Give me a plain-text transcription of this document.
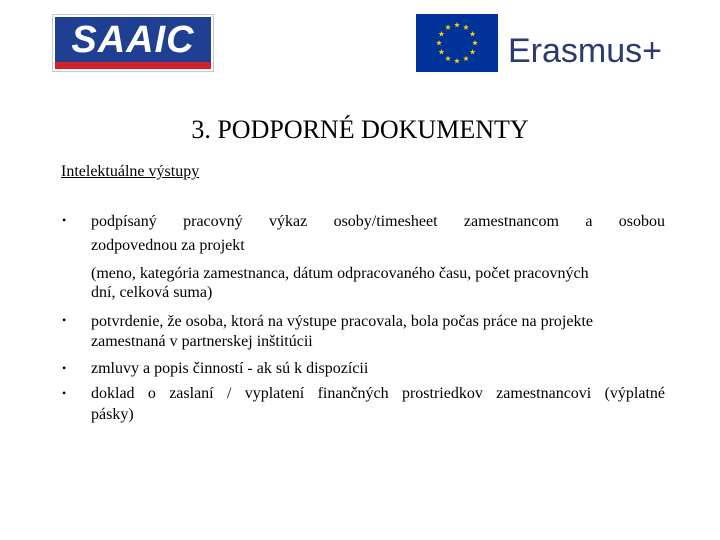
SAAIC	Erasmus+
3. PODPORNÉ DOKUMENTY
Intelektuálne výstupy
• podpísaný pracovný výkaz osoby/timesheet zamestnancom a osobou
zodpovednou za projekt
(meno, kategória zamestnanca, dátum odpracovaného času, počet pracovných
dní, celková suma)
• potvrdenie, že osoba, ktorá na výstupe pracovala, bola počas práce na projekte
zamestnaná v partnerskej inštitúcii
• zmluvy a popis činností - ak sú k dispozícii
• doklad o zaslaní / vyplatení finančných prostriedkov zamestnancovi (výplatné
pásky)
